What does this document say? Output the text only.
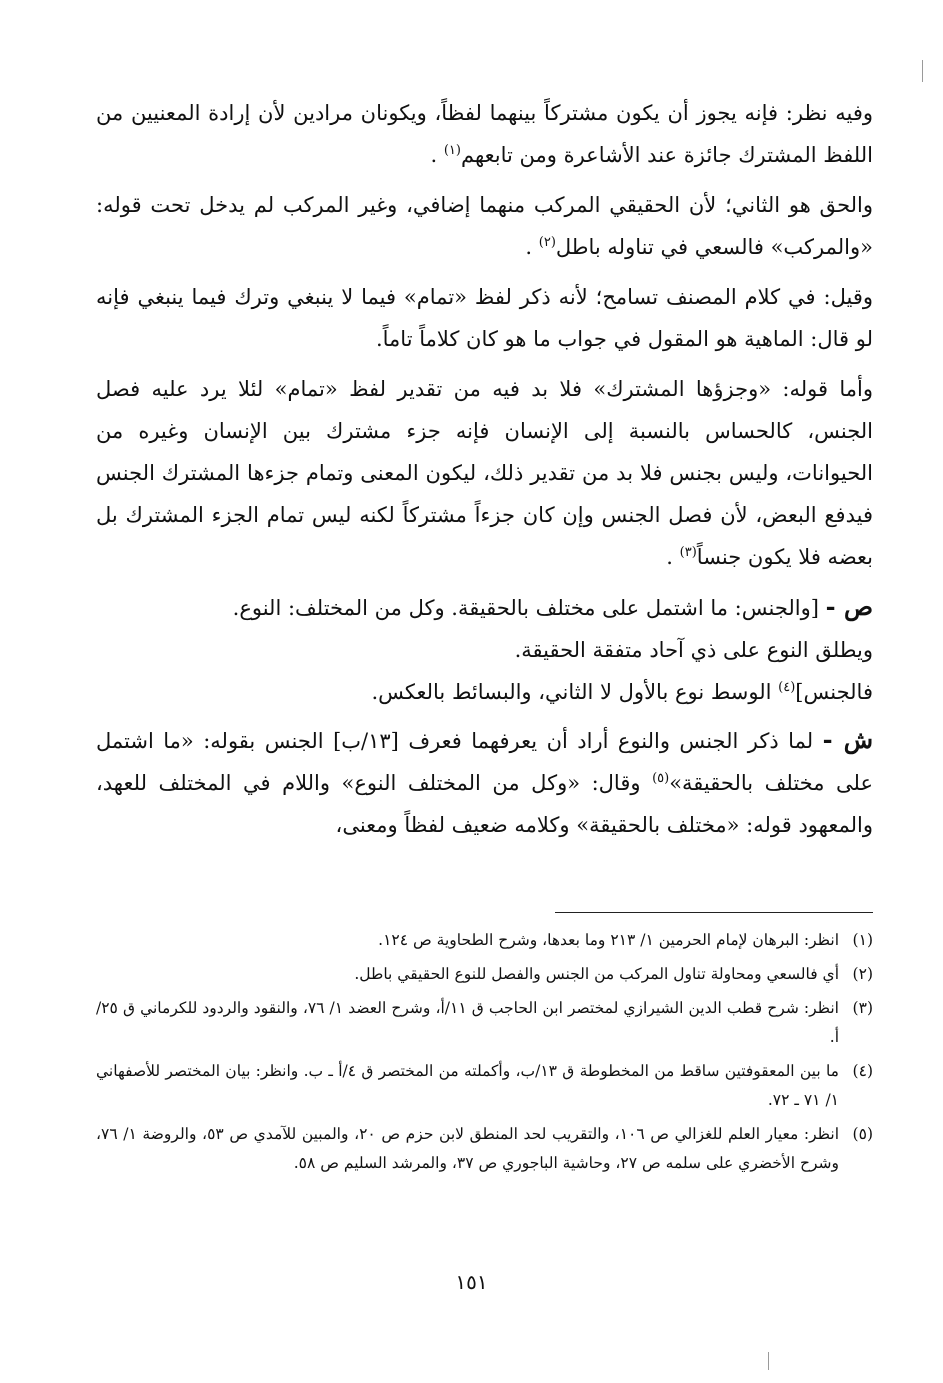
وفيه نظر: فإنه يجوز أن يكون مشتركاً بينهما لفظاً، ويكونان مرادين لأن إرادة المعنيين من اللفظ المشترك جائزة عند الأشاعرة ومن تابعهم$^{(١)}$ .

والحق هو الثاني؛ لأن الحقيقي المركب منهما إضافي، وغير المركب لم يدخل تحت قوله: «والمركب» فالسعي في تناوله باطل$^{(٢)}$ .

وقيل: في كلام المصنف تسامح؛ لأنه ذكر لفظ «تمام» فيما لا ينبغي وترك فيما ينبغي فإنه لو قال: الماهية هو المقول في جواب ما هو كان كلاماً تاماً.

وأما قوله: «وجزؤها المشترك» فلا بد فيه من تقدير لفظ «تمام» لئلا يرد عليه فصل الجنس، كالحساس بالنسبة إلى الإنسان فإنه جزء مشترك بين الإنسان وغيره من الحيوانات، وليس بجنس فلا بد من تقدير ذلك، ليكون المعنى وتمام جزءها المشترك الجنس فيدفع البعض، لأن فصل الجنس وإن كان جزءاً مشتركاً لكنه ليس تمام الجزء المشترك بل بعضه فلا يكون جنساً$^{(٣)}$ .

ص - [والجنس: ما اشتمل على مختلف بالحقيقة. وكل من المختلف: النوع.
ويطلق النوع على ذي آحاد متفقة الحقيقة.
فالجنس]$^{(٤)}$ الوسط نوع بالأول لا الثاني، والبسائط بالعكس.

ش - لما ذكر الجنس والنوع أراد أن يعرفهما فعرف [١٣/ب] الجنس بقوله: «ما اشتمل على مختلف بالحقيقة»$^{(٥)}$ وقال: «وكل من المختلف النوع» واللام في المختلف للعهد، والمعهود قوله: «مختلف بالحقيقة» وكلامه ضعيف لفظاً ومعنى،

(١)
انظر: البرهان لإمام الحرمين ١/ ٢١٣ وما بعدها، وشرح الطحاوية ص ١٢٤.
(٢)
أي فالسعي ومحاولة تناول المركب من الجنس والفصل للنوع الحقيقي باطل.
(٣)
انظر: شرح قطب الدين الشيرازي لمختصر ابن الحاجب ق ١١/أ، وشرح العضد ١/ ٧٦، والنقود والردود للكرماني ق ٢٥/أ.
(٤)
ما بين المعقوفتين ساقط من المخطوطة ق ١٣/ب، وأكملته من المختصر ق ٤/أ ـ ب. وانظر: بيان المختصر للأصفهاني ١/ ٧١ ـ ٧٢.
(٥)
انظر: معيار العلم للغزالي ص ١٠٦، والتقريب لحد المنطق لابن حزم ص ٢٠، والمبين للآمدي ص ٥٣، والروضة ١/ ٧٦، وشرح الأخضري على سلمه ص ٢٧، وحاشية الباجوري ص ٣٧، والمرشد السليم ص ٥٨.
١٥١
